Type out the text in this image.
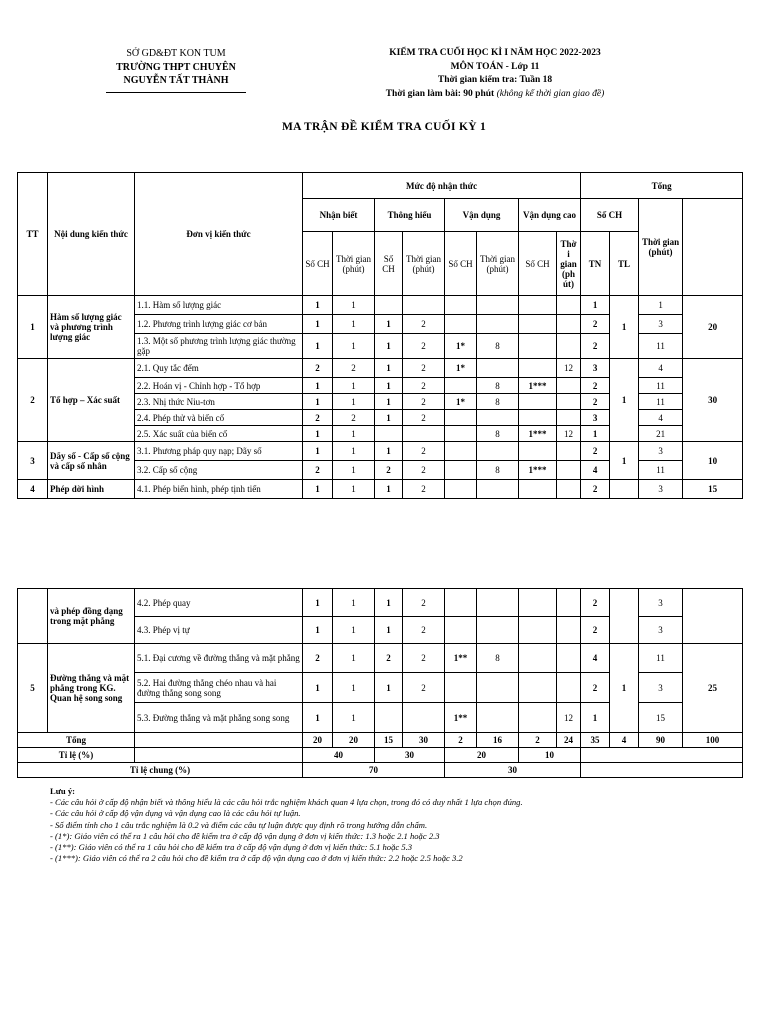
SỞ GD&ĐT KON TUM
TRƯỜNG THPT CHUYÊN
NGUYỄN TẤT THÀNH
KIỂM TRA CUỐI HỌC KÌ I NĂM HỌC 2022-2023
MÔN TOÁN - Lớp 11
Thời gian kiểm tra: Tuần 18
Thời gian làm bài: 90 phút (không kể thời gian giao đề)
MA TRẬN ĐỀ KIỂM TRA CUỐI KỲ 1
TT	Nội dung kiến thức	Đơn vị kiến thức	Mức độ nhận thức								Tổng	
			Nhận biết		Thông hiểu		Vận dụng		Vận dụng cao		Số CH		Thời gian (phút)		
			Số CH	Thời gian (phút)	Số CH	Thời gian (phút)	Số CH	Thời gian (phút)	Số CH	Thờ i gian (ph út)	TN	TL			
1	Hàm số lượng giác và phương trình lượng giác	1.1. Hàm số lượng giác	1	1							1	1	1	20	
		1.2. Phương trình lượng giác cơ bản	1	1	1	2					2		3		
		1.3. Một số phương trình lượng giác thường gặp	1	1	1	2	1*	8			2		11		
2	Tổ hợp – Xác suất	2.1. Quy tắc đếm	2	2	1	2	1*			12	3	1	4	30	
		2.2. Hoán vị - Chỉnh hợp - Tổ hợp	1	1	1	2		8	1***		2		11		
		2.3. Nhị thức Niu-tơn	1	1	1	2	1*	8			2		11		
		2.4. Phép thử và biến cố	2	2	1	2					3		4		
		2.5. Xác suất của biến cố	1	1				8	1***	12	1		21		
3	Dãy số - Cấp số cộng và cấp số nhân	3.1. Phương pháp quy nạp; Dãy số	1	1	1	2					2	1	3	10	
		3.2. Cấp số cộng	2	1	2	2		8	1***		4		11		
4	Phép dời hình	4.1. Phép biến hình, phép tịnh tiến	1	1	1	2					2		3	15	
	và phép đồng dạng trong mặt phẳng	4.2. Phép quay	1	1	1	2					2		3	
		4.3. Phép vị tự	1	1	1	2					2		3	
5	Đường thẳng và mặt phẳng trong KG. Quan hệ song song	5.1. Đại cương về đường thẳng và mặt phẳng	2	1	2	2	1**	8			4	1	11	25
		5.2. Hai đường thẳng chéo nhau và hai đường thẳng song song	1	1	1	2					2		3	
		5.3. Đường thẳng và mặt phẳng song song	1	1			1**			12	1		15	
Tổng			20	20	15	30	2	16	2	24	35	4	90	100
Tỉ lệ (%)			40		30		20		10					
Tỉ lệ chung (%)			70				30							
Lưu ý:
- Các câu hỏi ở cấp độ nhận biết và thông hiểu là các câu hỏi trắc nghiệm khách quan 4 lựa chọn, trong đó có duy nhất 1 lựa chọn đúng.
- Các câu hỏi ở cấp độ vận dụng và vận dụng cao là các câu hỏi tự luận.
- Số điểm tính cho 1 câu trắc nghiệm là 0.2 và điểm các câu tự luận được quy định rõ trong hướng dẫn chấm.
- (1*): Giáo viên có thể ra 1 câu hỏi cho đề kiểm tra ở cấp độ vận dụng ở đơn vị kiến thức: 1.3 hoặc 2.1 hoặc 2.3
- (1**): Giáo viên có thể ra 1 câu hỏi cho đề kiểm tra ở cấp độ vận dụng ở đơn vị kiến thức: 5.1 hoặc 5.3
- (1***): Giáo viên có thể ra 2 câu hỏi cho đề kiểm tra ở cấp độ vận dụng cao ở đơn vị kiến thức: 2.2 hoặc 2.5 hoặc 3.2
